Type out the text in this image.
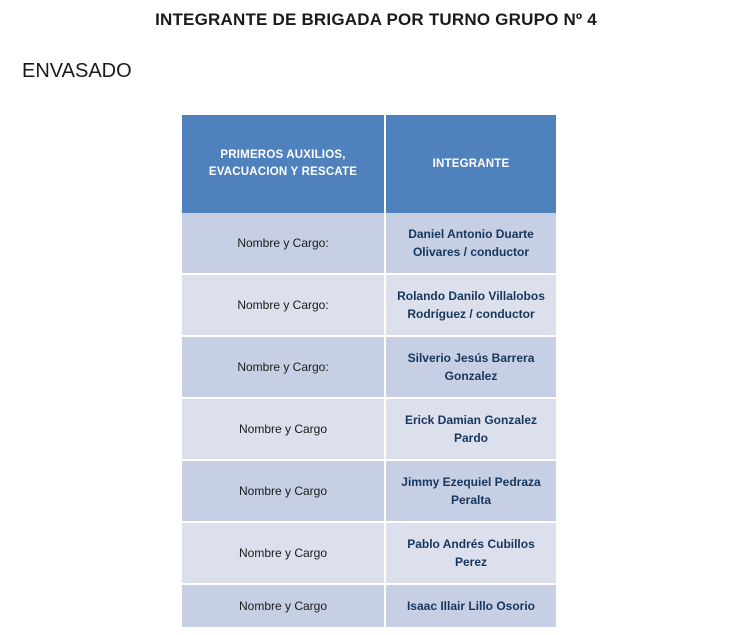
INTEGRANTE DE BRIGADA POR TURNO GRUPO Nº 4
ENVASADO
PRIMEROS AUXILIOS, EVACUACION Y RESCATE	INTEGRANTE
Nombre y Cargo:	Daniel Antonio Duarte Olivares / conductor
Nombre y Cargo:	Rolando Danilo Villalobos Rodríguez / conductor
Nombre y Cargo:	Silverio Jesús Barrera Gonzalez
Nombre y Cargo	Erick Damian Gonzalez Pardo
Nombre y Cargo	Jimmy Ezequiel Pedraza Peralta
Nombre y Cargo	Pablo Andrés Cubillos Perez
Nombre y Cargo	Isaac Illair Lillo Osorio
